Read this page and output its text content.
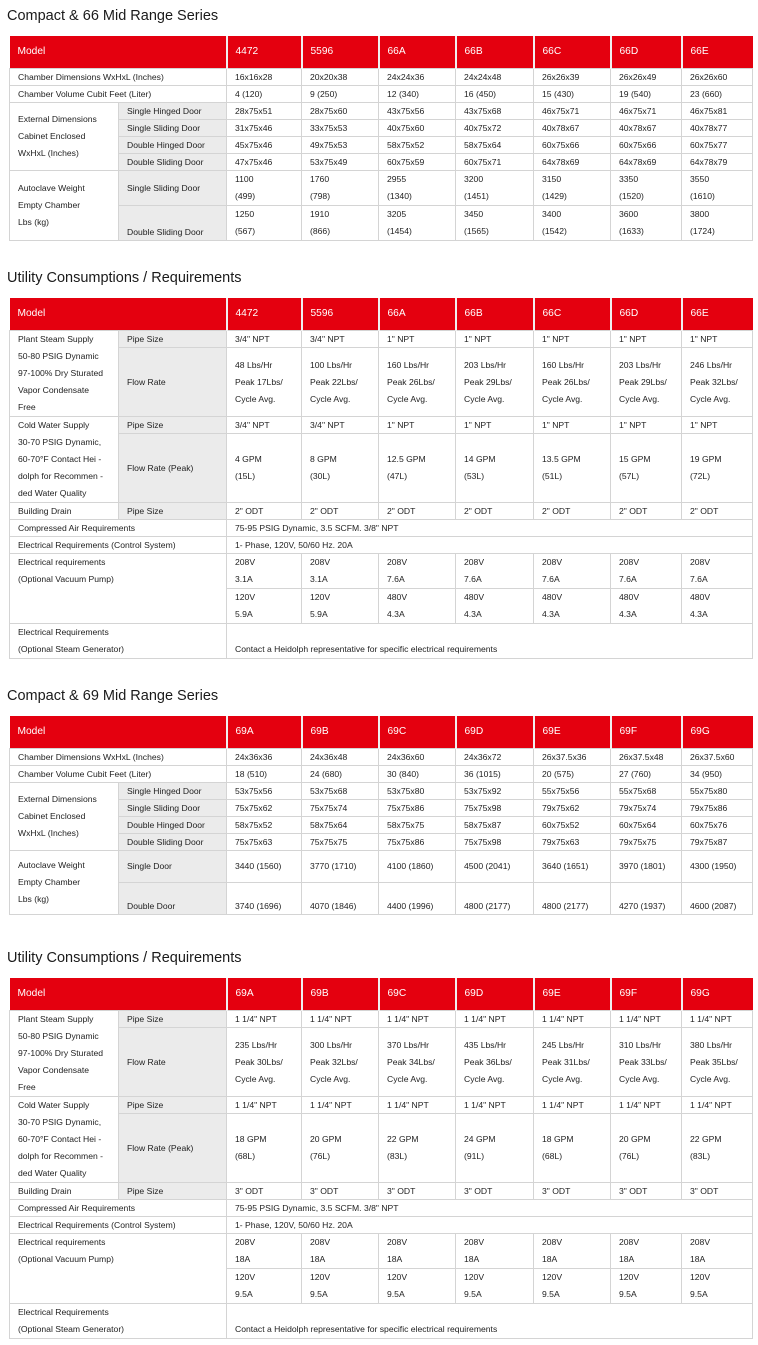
Compact & 66 Mid Range Series
Model		4472	5596	66A	66B	66C	66D	66E
Chamber Dimensions WxHxL (Inches)		16x16x28	20x20x38	24x24x36	24x24x48	26x26x39	26x26x49	26x26x60
Chamber Volume Cubit Feet (Liter)		4 (120)	9 (250)	12 (340)	16 (450)	15 (430)	19 (540)	23 (660)

External Dimensions
Cabinet Enclosed
WxHxL (Inches)	Single Hinged Door	28x75x51	28x75x60	43x75x56	43x75x68	46x75x71	46x75x71	46x75x81
	Single Sliding Door	31x75x46	33x75x53	40x75x60	40x75x72	40x78x67	40x78x67	40x78x77
	Double Hinged Door	45x75x46	49x75x53	58x75x52	58x75x64	60x75x66	60x75x66	60x75x77
	Double Sliding Door	47x75x46	53x75x49	60x75x59	60x75x71	64x78x69	64x78x69	64x78x79

Autoclave Weight
Empty Chamber
Lbs (kg)	Single Sliding Door	1100
(499)	1760
(798)	2955
(1340)	3200
(1451)	3150
(1429)	3350
(1520)	3550
(1610)

	Double Sliding Door	1250
(567)	1910
(866)	3205
(1454)	3450
(1565)	3400
(1542)	3600
(1633)	3800
(1724)
Utility Consumptions / Requirements
Model		4472	5596	66A	66B	66C	66D	66E

Plant Steam Supply
50-80 PSIG Dynamic
97-100% Dry Sturated
Vapor Condensate
Free	Pipe Size	3/4" NPT	3/4" NPT	1" NPT	1" NPT	1" NPT	1" NPT	1" NPT
	Flow Rate	48 Lbs/Hr
Peak 17Lbs/
Cycle Avg.	100 Lbs/Hr
Peak 22Lbs/
Cycle Avg.	160 Lbs/Hr
Peak 26Lbs/
Cycle Avg.	203 Lbs/Hr
Peak 29Lbs/
Cycle Avg.	160 Lbs/Hr
Peak 26Lbs/
Cycle Avg.	203 Lbs/Hr
Peak 29Lbs/
Cycle Avg.	246 Lbs/Hr
Peak 32Lbs/
Cycle Avg.

Cold Water Supply
30-70 PSIG Dynamic,
60-70°F Contact Hei -
dolph for Recommen -
ded Water Quality	Pipe Size	3/4" NPT	3/4" NPT	1" NPT	1" NPT	1" NPT	1" NPT	1" NPT
	Flow Rate (Peak)	4 GPM
(15L)	8 GPM
(30L)	12.5 GPM
(47L)	14 GPM
(53L)	13.5 GPM
(51L)	15 GPM
(57L)	19 GPM
(72L)

Building Drain	Pipe Size	2" ODT	2" ODT	2" ODT	2" ODT	2" ODT	2" ODT	2" ODT
Compressed Air Requirements		75-95 PSIG Dynamic, 3.5 SCFM. 3/8" NPT						
Electrical Requirements (Control System)		1- Phase, 120V, 50/60 Hz. 20A						

Electrical requirements
(Optional Vacuum Pump)		208V
3.1A	208V
3.1A	208V
7.6A	208V
7.6A	208V
7.6A	208V
7.6A	208V
7.6A

		120V
5.9A	120V
5.9A	480V
4.3A	480V
4.3A	480V
4.3A	480V
4.3A	480V
4.3A

Electrical Requirements
(Optional Steam Generator)		Contact a Heidolph representative for specific electrical requirements						
Compact & 69 Mid Range Series
Model		69A	69B	69C	69D	69E	69F	69G
Chamber Dimensions WxHxL (Inches)		24x36x36	24x36x48	24x36x60	24x36x72	26x37.5x36	26x37.5x48	26x37.5x60
Chamber Volume Cubit Feet (Liter)		18 (510)	24 (680)	30 (840)	36 (1015)	20 (575)	27 (760)	34 (950)

External Dimensions
Cabinet Enclosed
WxHxL (Inches)	Single Hinged Door	53x75x56	53x75x68	53x75x80	53x75x92	55x75x56	55x75x68	55x75x80
	Single Sliding Door	75x75x62	75x75x74	75x75x86	75x75x98	79x75x62	79x75x74	79x75x86
	Double Hinged Door	58x75x52	58x75x64	58x75x75	58x75x87	60x75x52	60x75x64	60x75x76
	Double Sliding Door	75x75x63	75x75x75	75x75x86	75x75x98	79x75x63	79x75x75	79x75x87

Autoclave Weight
Empty Chamber
Lbs (kg)	Single Door	3440 (1560)	3770 (1710)	4100 (1860)	4500 (2041)	3640 (1651)	3970 (1801)	4300 (1950)
	Double Door	3740 (1696)	4070 (1846)	4400 (1996)	4800 (2177)	4800 (2177)	4270 (1937)	4600 (2087)
Utility Consumptions / Requirements
Model		69A	69B	69C	69D	69E	69F	69G

Plant Steam Supply
50-80 PSIG Dynamic
97-100% Dry Sturated
Vapor Condensate
Free	Pipe Size	1 1/4" NPT	1 1/4" NPT	1 1/4" NPT	1 1/4" NPT	1 1/4" NPT	1 1/4" NPT	1 1/4" NPT
	Flow Rate	235 Lbs/Hr
Peak 30Lbs/
Cycle Avg.	300 Lbs/Hr
Peak 32Lbs/
Cycle Avg.	370 Lbs/Hr
Peak 34Lbs/
Cycle Avg.	435 Lbs/Hr
Peak 36Lbs/
Cycle Avg.	245 Lbs/Hr
Peak 31Lbs/
Cycle Avg.	310 Lbs/Hr
Peak 33Lbs/
Cycle Avg.	380 Lbs/Hr
Peak 35Lbs/
Cycle Avg.

Cold Water Supply
30-70 PSIG Dynamic,
60-70°F Contact Hei -
dolph for Recommen -
ded Water Quality	Pipe Size	1 1/4" NPT	1 1/4" NPT	1 1/4" NPT	1 1/4" NPT	1 1/4" NPT	1 1/4" NPT	1 1/4" NPT
	Flow Rate (Peak)	18 GPM
(68L)	20 GPM
(76L)	22 GPM
(83L)	24 GPM
(91L)	18 GPM
(68L)	20 GPM
(76L)	22 GPM
(83L)

Building Drain	Pipe Size	3" ODT	3" ODT	3" ODT	3" ODT	3" ODT	3" ODT	3" ODT
Compressed Air Requirements		75-95 PSIG Dynamic, 3.5 SCFM. 3/8" NPT						
Electrical Requirements (Control System)		1- Phase, 120V, 50/60 Hz. 20A						

Electrical requirements
(Optional Vacuum Pump)		208V
18A	208V
18A	208V
18A	208V
18A	208V
18A	208V
18A	208V
18A

		120V
9.5A	120V
9.5A	120V
9.5A	120V
9.5A	120V
9.5A	120V
9.5A	120V
9.5A

Electrical Requirements
(Optional Steam Generator)		Contact a Heidolph representative for specific electrical requirements						
